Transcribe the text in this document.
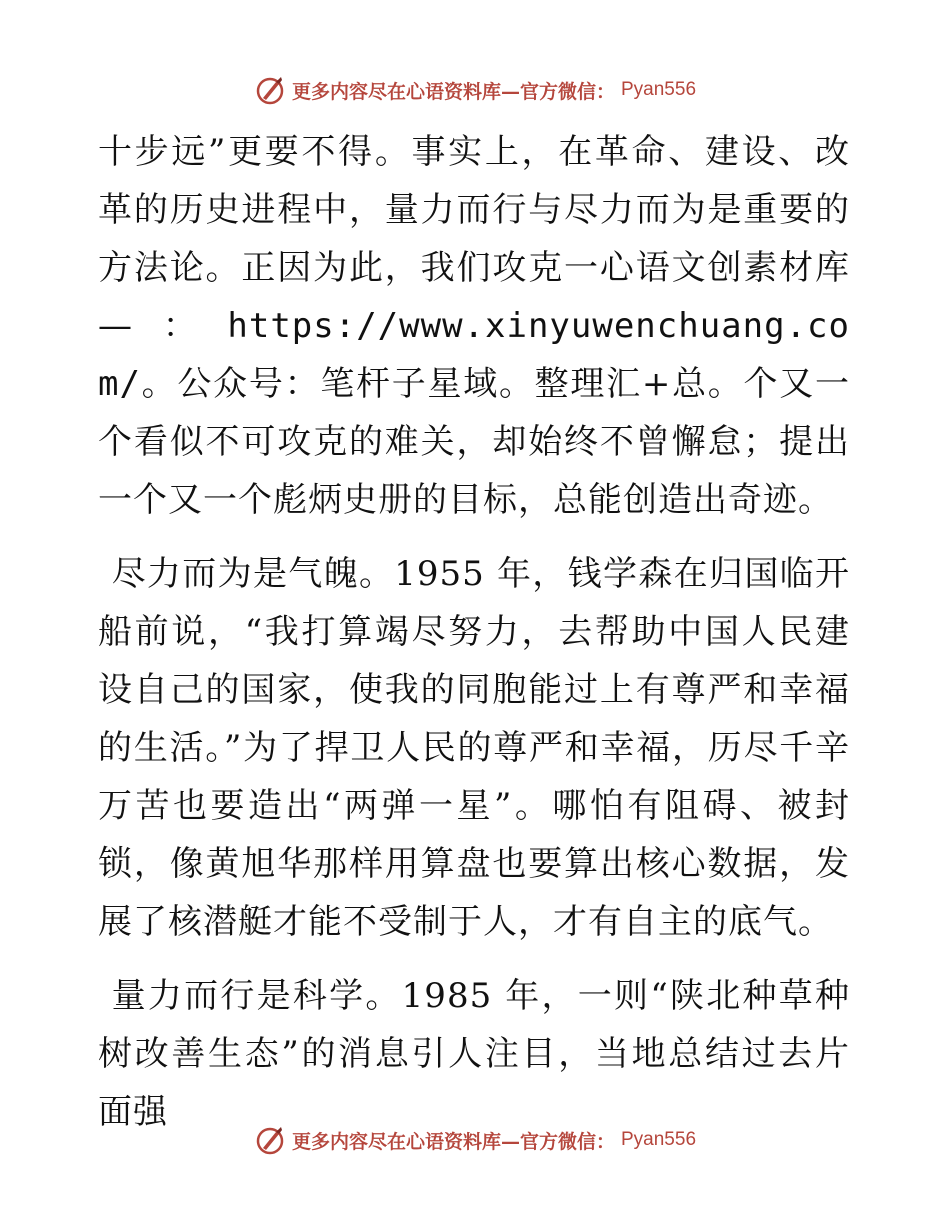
更多内容尽在心语资料库—官方微信： Pyan556

十步远”更要不得。事实上，在革命、建设、改革的历史进程中，量力而行与尽力而为是重要的方法论。正因为此，我们攻克一心语文创素材库—：https://www.xinyuwenchuang.com/。公众号：笔杆子星域。整理汇+总。个又一个看似不可攻克的难关，却始终不曾懈怠；提出一个又一个彪炳史册的目标，总能创造出奇迹。

尽力而为是气魄。1955 年，钱学森在归国临开船前说，“我打算竭尽努力，去帮助中国人民建设自己的国家，使我的同胞能过上有尊严和幸福的生活。”为了捍卫人民的尊严和幸福，历尽千辛万苦也要造出“两弹一星”。哪怕有阻碍、被封锁，像黄旭华那样用算盘也要算出核心数据，发展了核潜艇才能不受制于人，才有自主的底气。

量力而行是科学。1985 年，一则“陕北种草种树改善生态”的消息引人注目，当地总结过去片面强

更多内容尽在心语资料库—官方微信： Pyan556
